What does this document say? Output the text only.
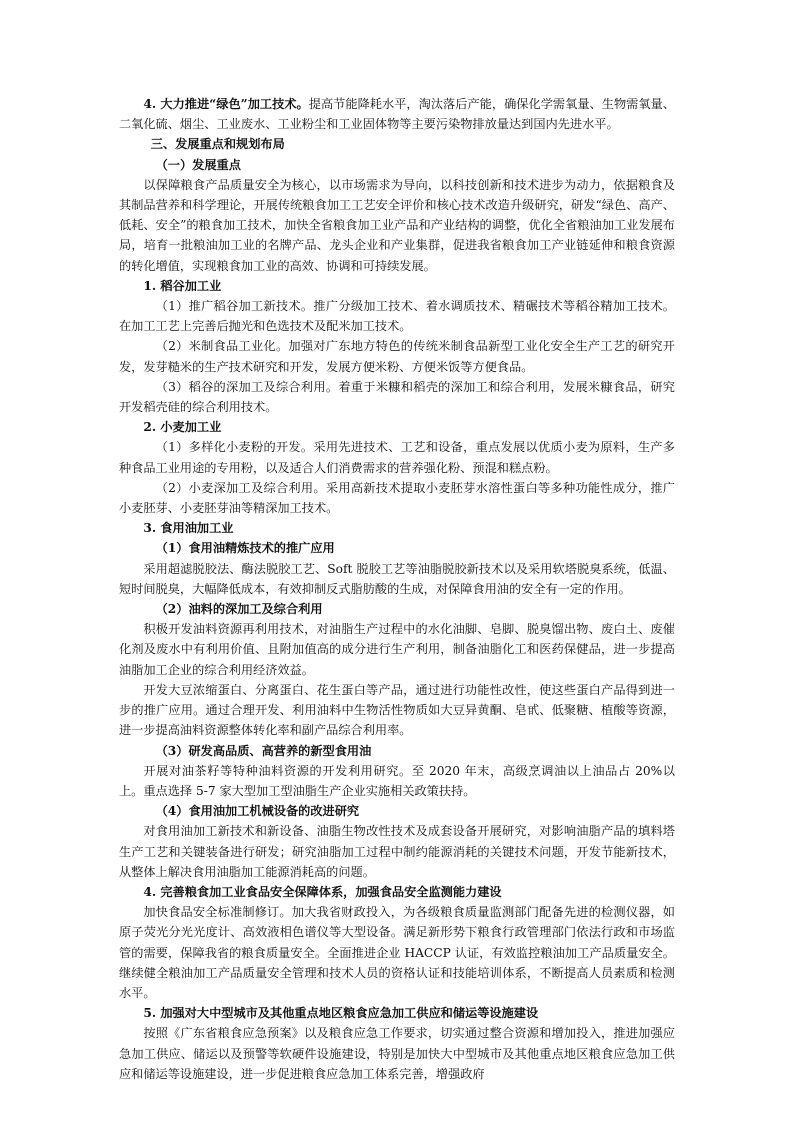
4. 大力推进“绿色”加工技术。提高节能降耗水平，淘汰落后产能，确保化学需氧量、生物需氧量、二氧化硫、烟尘、工业废水、工业粉尘和工业固体物等主要污染物排放量达到国内先进水平。

三、发展重点和规划布局

（一）发展重点

以保障粮食产品质量安全为核心，以市场需求为导向，以科技创新和技术进步为动力，依据粮食及其制品营养和科学理论，开展传统粮食加工工艺安全评价和核心技术改造升级研究，研发“绿色、高产、低耗、安全”的粮食加工技术，加快全省粮食加工业产品和产业结构的调整，优化全省粮油加工业发展布局，培育一批粮油加工业的名牌产品、龙头企业和产业集群，促进我省粮食加工产业链延伸和粮食资源的转化增值，实现粮食加工业的高效、协调和可持续发展。

1. 稻谷加工业

（1）推广稻谷加工新技术。推广分级加工技术、着水调质技术、精碾技术等稻谷精加工技术。在加工工艺上完善后抛光和色选技术及配米加工技术。

（2）米制食品工业化。加强对广东地方特色的传统米制食品新型工业化安全生产工艺的研究开发，发芽糙米的生产技术研究和开发，发展方便米粉、方便米饭等方便食品。

（3）稻谷的深加工及综合利用。着重于米糠和稻壳的深加工和综合利用，发展米糠食品，研究开发稻壳硅的综合利用技术。

2. 小麦加工业

（1）多样化小麦粉的开发。采用先进技术、工艺和设备，重点发展以优质小麦为原料，生产多种食品工业用途的专用粉，以及适合人们消费需求的营养强化粉、预混和糕点粉。

（2）小麦深加工及综合利用。采用高新技术提取小麦胚芽水溶性蛋白等多种功能性成分，推广小麦胚芽、小麦胚芽油等精深加工技术。

3. 食用油加工业

（1）食用油精炼技术的推广应用

采用超滤脱胶法、酶法脱胶工艺、Soft 脱胶工艺等油脂脱胶新技术以及采用软塔脱臭系统，低温、短时间脱臭，大幅降低成本，有效抑制反式脂肪酸的生成，对保障食用油的安全有一定的作用。

（2）油料的深加工及综合利用

积极开发油料资源再利用技术，对油脂生产过程中的水化油脚、皂脚、脱臭馏出物、废白土、废催化剂及废水中有利用价值、且附加值高的成分进行生产利用，制备油脂化工和医药保健品，进一步提高油脂加工企业的综合利用经济效益。

开发大豆浓缩蛋白、分离蛋白、花生蛋白等产品，通过进行功能性改性，使这些蛋白产品得到进一步的推广应用。通过合理开发、利用油料中生物活性物质如大豆异黄酮、皂甙、低聚糖、植酸等资源，进一步提高油料资源整体转化率和副产品综合利用率。

（3）研发高品质、高营养的新型食用油

开展对油茶籽等特种油料资源的开发利用研究。至 2020 年末，高级烹调油以上油品占 20%以上。重点选择 5-7 家大型加工型油脂生产企业实施相关政策扶持。

（4）食用油加工机械设备的改进研究

对食用油加工新技术和新设备、油脂生物改性技术及成套设备开展研究，对影响油脂产品的填料塔生产工艺和关键装备进行研发；研究油脂加工过程中制约能源消耗的关键技术问题，开发节能新技术，从整体上解决食用油脂加工能源消耗高的问题。

4. 完善粮食加工业食品安全保障体系，加强食品安全监测能力建设

加快食品安全标准制修订。加大我省财政投入，为各级粮食质量监测部门配备先进的检测仪器，如原子荧光分光光度计、高效液相色谱仪等大型设备。满足新形势下粮食行政管理部门依法行政和市场监管的需要，保障我省的粮食质量安全。全面推进企业 HACCP 认证，有效监控粮油加工产品质量安全。继续健全粮油加工产品质量安全管理和技术人员的资格认证和技能培训体系，不断提高人员素质和检测水平。

5. 加强对大中型城市及其他重点地区粮食应急加工供应和储运等设施建设

按照《广东省粮食应急预案》以及粮食应急工作要求，切实通过整合资源和增加投入，推进加强应急加工供应、储运以及预警等软硬件设施建设，特别是加快大中型城市及其他重点地区粮食应急加工供应和储运等设施建设，进一步促进粮食应急加工体系完善，增强政府
